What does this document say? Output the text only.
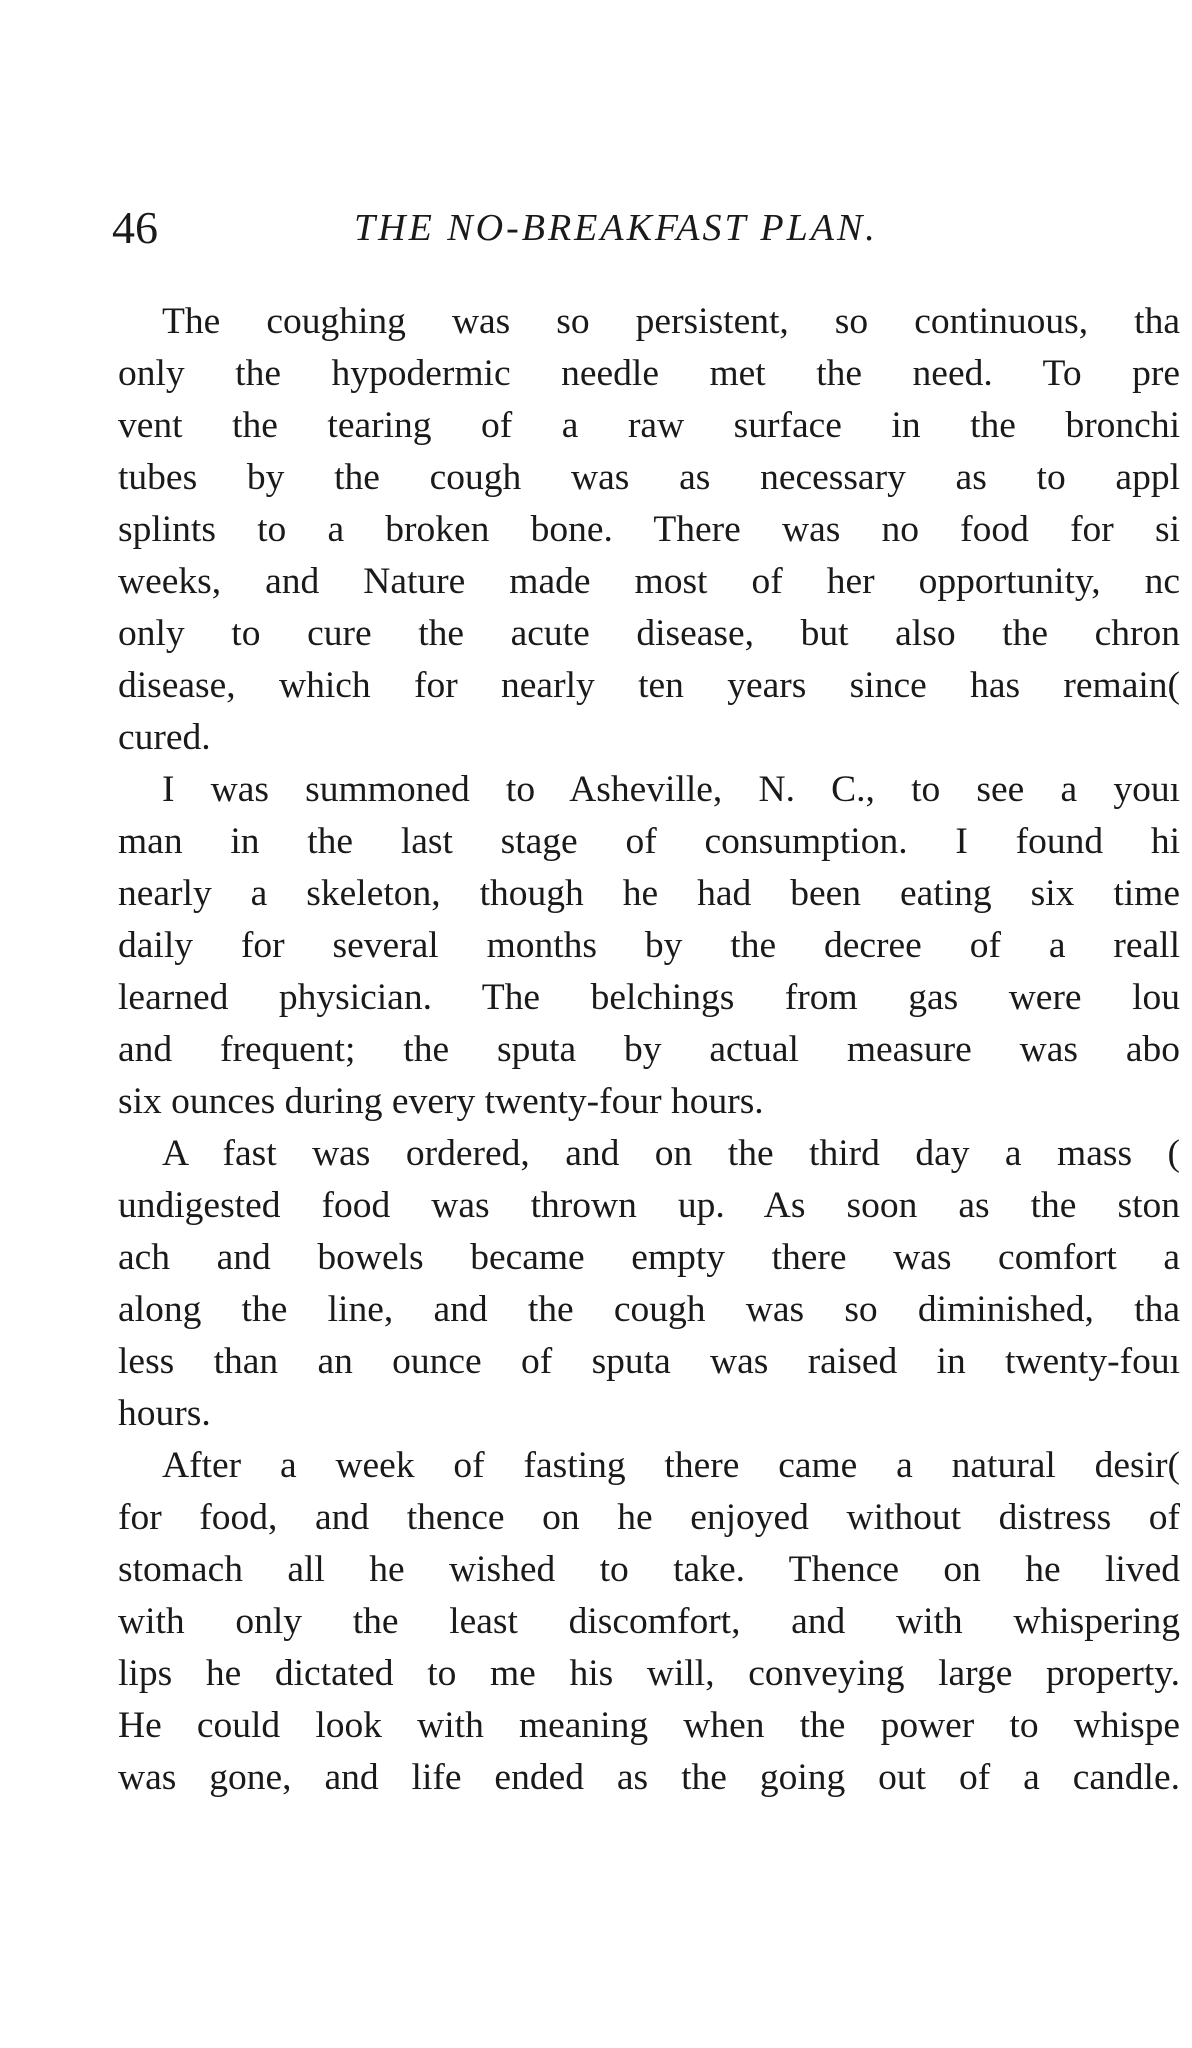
46	THE NO-BREAKFAST PLAN.
The coughing was so persistent, so continuous, tha
only the hypodermic needle met the need. To pre
vent the tearing of a raw surface in the bronchi
tubes by the cough was as necessary as to appl
splints to a broken bone. There was no food for si
weeks, and Nature made most of her opportunity, nc
only to cure the acute disease, but also the chron
disease, which for nearly ten years since has remain(
cured.
I was summoned to Asheville, N. C., to see a youı
man in the last stage of consumption. I found hi
nearly a skeleton, though he had been eating six time
daily for several months by the decree of a reall
learned physician. The belchings from gas were lou
and frequent; the sputa by actual measure was abo
six ounces during every twenty-four hours.
A fast was ordered, and on the third day a mass (
undigested food was thrown up. As soon as the ston
ach and bowels became empty there was comfort a
along the line, and the cough was so diminished, tha
less than an ounce of sputa was raised in twenty-fouı
hours.
After a week of fasting there came a natural desir(
for food, and thence on he enjoyed without distress of
stomach all he wished to take. Thence on he lived
with only the least discomfort, and with whispering
lips he dictated to me his will, conveying large property.
He could look with meaning when the power to whispe
was gone, and life ended as the going out of a candle.
